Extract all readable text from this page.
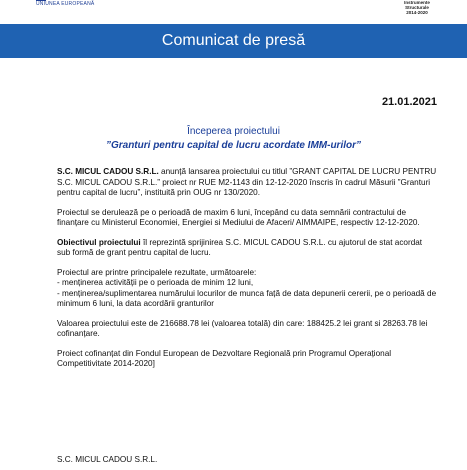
UNIUNEA EUROPEANĂ	Instrumente Structurale
2014-2020
Comunicat de presă
21.01.2021
Începerea proiectului
”Granturi pentru capital de lucru acordate IMM-urilor”

S.C. MICUL CADOU S.R.L. anunță lansarea proiectului cu titlul ”GRANT CAPITAL DE LUCRU PENTRU S.C. MICUL CADOU S.R.L.” proiect nr RUE M2-1143 din 12-12-2020 înscris în cadrul Măsurii ”Granturi pentru capital de lucru”, instituită prin OUG nr 130/2020.

Proiectul se derulează pe o perioadă de maxim 6 luni, începând cu data semnării contractului de finanțare cu Ministerul Economiei, Energiei si Mediului de Afaceri/ AIMMAIPE, respectiv 12-12-2020.

Obiectivul proiectului îl reprezintă sprijinirea S.C. MICUL CADOU S.R.L. cu ajutorul de stat acordat sub formă de grant pentru capital de lucru.

Proiectul are printre principalele rezultate, următoarele:

- menținerea activității pe o perioada de minim 12 luni,

- menținerea/suplimentarea numărului locurilor de munca față de data depunerii cererii, pe o perioadă de minimum 6 luni, la data acordării granturilor

Valoarea proiectului este de 216688.78 lei (valoarea totală) din care: 188425.2 lei grant si 28263.78 lei cofinanțare.

Proiect cofinanțat din Fondul European de Dezvoltare Regională prin Programul Operațional Competitivitate 2014-2020]

S.C. MICUL CADOU S.R.L.
